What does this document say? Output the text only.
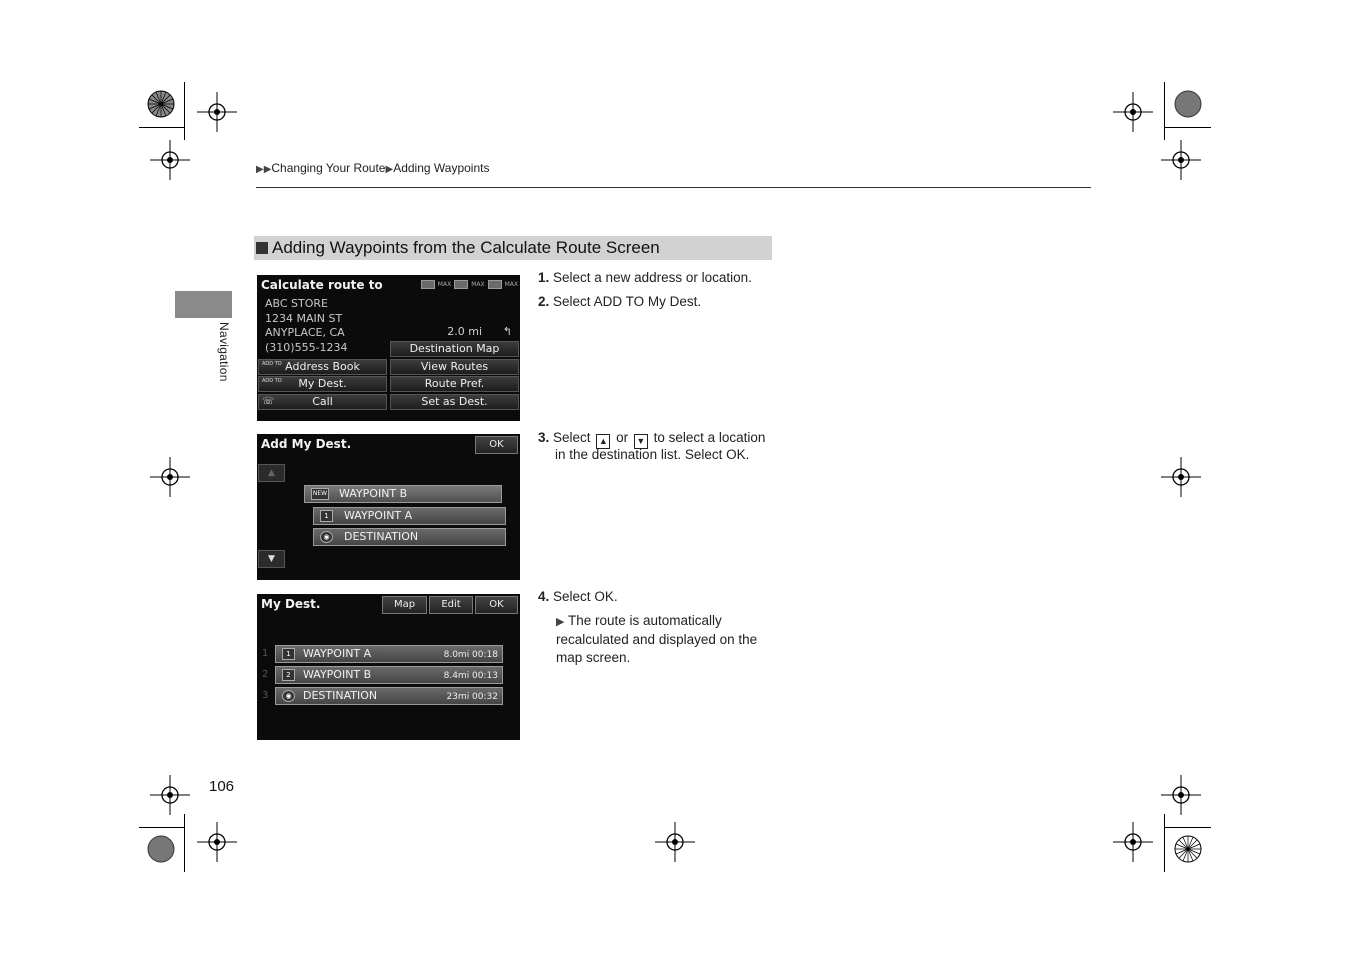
▶▶Changing Your Route▶Adding Waypoints
Navigation
Adding Waypoints from the Calculate Route Screen
Calculate route to	MAX	MAX	MAX
ABC STORE
1234 MAIN ST
ANYPLACE, CA
(310)555-1234
2.0 mi ↰
Destination Map
ADD TO Address Book	View Routes
ADD TO My Dest.	Route Pref.
☏	Call	Set as Dest.
Add My Dest.	OK
▲
▼
NEW WAYPOINT B
1	WAYPOINT A
◉	DESTINATION
My Dest.	Map	Edit	OK
1	1	WAYPOINT A	8.0mi 00:18
2	2	WAYPOINT B	8.4mi 00:13
3	◉	DESTINATION	23mi 00:32
1. Select a new address or location.
2. Select ADD TO My Dest.
3. Select ▲ or ▼ to select a location
in the destination list. Select OK.
4. Select OK.
▶ The route is automatically recalculated and displayed on the map screen.
106
